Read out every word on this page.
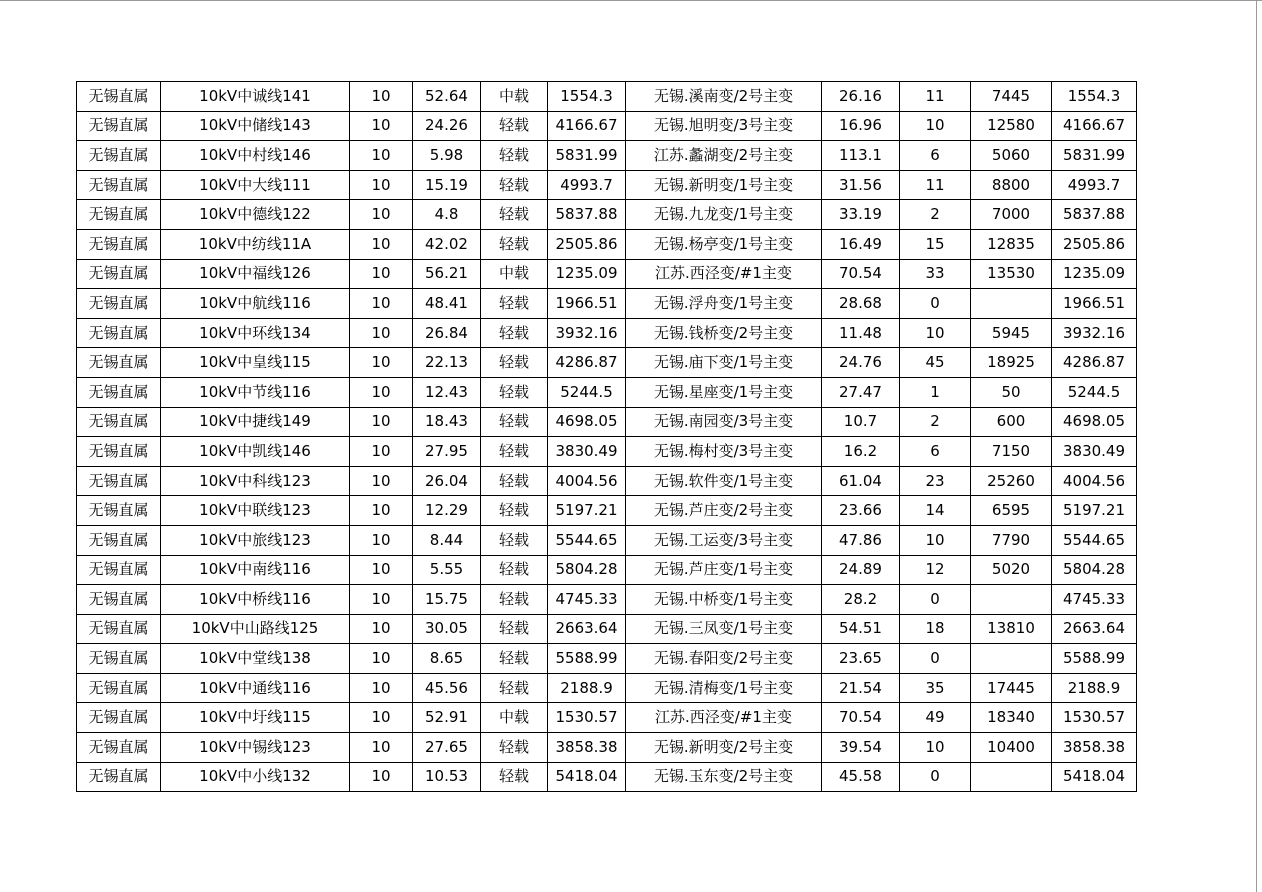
无锡直属	10kV中诚线141	10	52.64	中载	1554.3	无锡.溪南变/2号主变	26.16	11	7445	1554.3
无锡直属	10kV中储线143	10	24.26	轻载	4166.67	无锡.旭明变/3号主变	16.96	10	12580	4166.67
无锡直属	10kV中村线146	10	5.98	轻载	5831.99	江苏.蠡湖变/2号主变	113.1	6	5060	5831.99
无锡直属	10kV中大线111	10	15.19	轻载	4993.7	无锡.新明变/1号主变	31.56	11	8800	4993.7
无锡直属	10kV中德线122	10	4.8	轻载	5837.88	无锡.九龙变/1号主变	33.19	2	7000	5837.88
无锡直属	10kV中纺线11A	10	42.02	轻载	2505.86	无锡.杨亭变/1号主变	16.49	15	12835	2505.86
无锡直属	10kV中福线126	10	56.21	中载	1235.09	江苏.西泾变/#1主变	70.54	33	13530	1235.09
无锡直属	10kV中航线116	10	48.41	轻载	1966.51	无锡.浮舟变/1号主变	28.68	0		1966.51
无锡直属	10kV中环线134	10	26.84	轻载	3932.16	无锡.钱桥变/2号主变	11.48	10	5945	3932.16
无锡直属	10kV中皇线115	10	22.13	轻载	4286.87	无锡.庙下变/1号主变	24.76	45	18925	4286.87
无锡直属	10kV中节线116	10	12.43	轻载	5244.5	无锡.星座变/1号主变	27.47	1	50	5244.5
无锡直属	10kV中捷线149	10	18.43	轻载	4698.05	无锡.南园变/3号主变	10.7	2	600	4698.05
无锡直属	10kV中凯线146	10	27.95	轻载	3830.49	无锡.梅村变/3号主变	16.2	6	7150	3830.49
无锡直属	10kV中科线123	10	26.04	轻载	4004.56	无锡.软件变/1号主变	61.04	23	25260	4004.56
无锡直属	10kV中联线123	10	12.29	轻载	5197.21	无锡.芦庄变/2号主变	23.66	14	6595	5197.21
无锡直属	10kV中旅线123	10	8.44	轻载	5544.65	无锡.工运变/3号主变	47.86	10	7790	5544.65
无锡直属	10kV中南线116	10	5.55	轻载	5804.28	无锡.芦庄变/1号主变	24.89	12	5020	5804.28
无锡直属	10kV中桥线116	10	15.75	轻载	4745.33	无锡.中桥变/1号主变	28.2	0		4745.33
无锡直属	10kV中山路线125	10	30.05	轻载	2663.64	无锡.三凤变/1号主变	54.51	18	13810	2663.64
无锡直属	10kV中堂线138	10	8.65	轻载	5588.99	无锡.春阳变/2号主变	23.65	0		5588.99
无锡直属	10kV中通线116	10	45.56	轻载	2188.9	无锡.清梅变/1号主变	21.54	35	17445	2188.9
无锡直属	10kV中圩线115	10	52.91	中载	1530.57	江苏.西泾变/#1主变	70.54	49	18340	1530.57
无锡直属	10kV中锡线123	10	27.65	轻载	3858.38	无锡.新明变/2号主变	39.54	10	10400	3858.38
无锡直属	10kV中小线132	10	10.53	轻载	5418.04	无锡.玉东变/2号主变	45.58	0		5418.04
